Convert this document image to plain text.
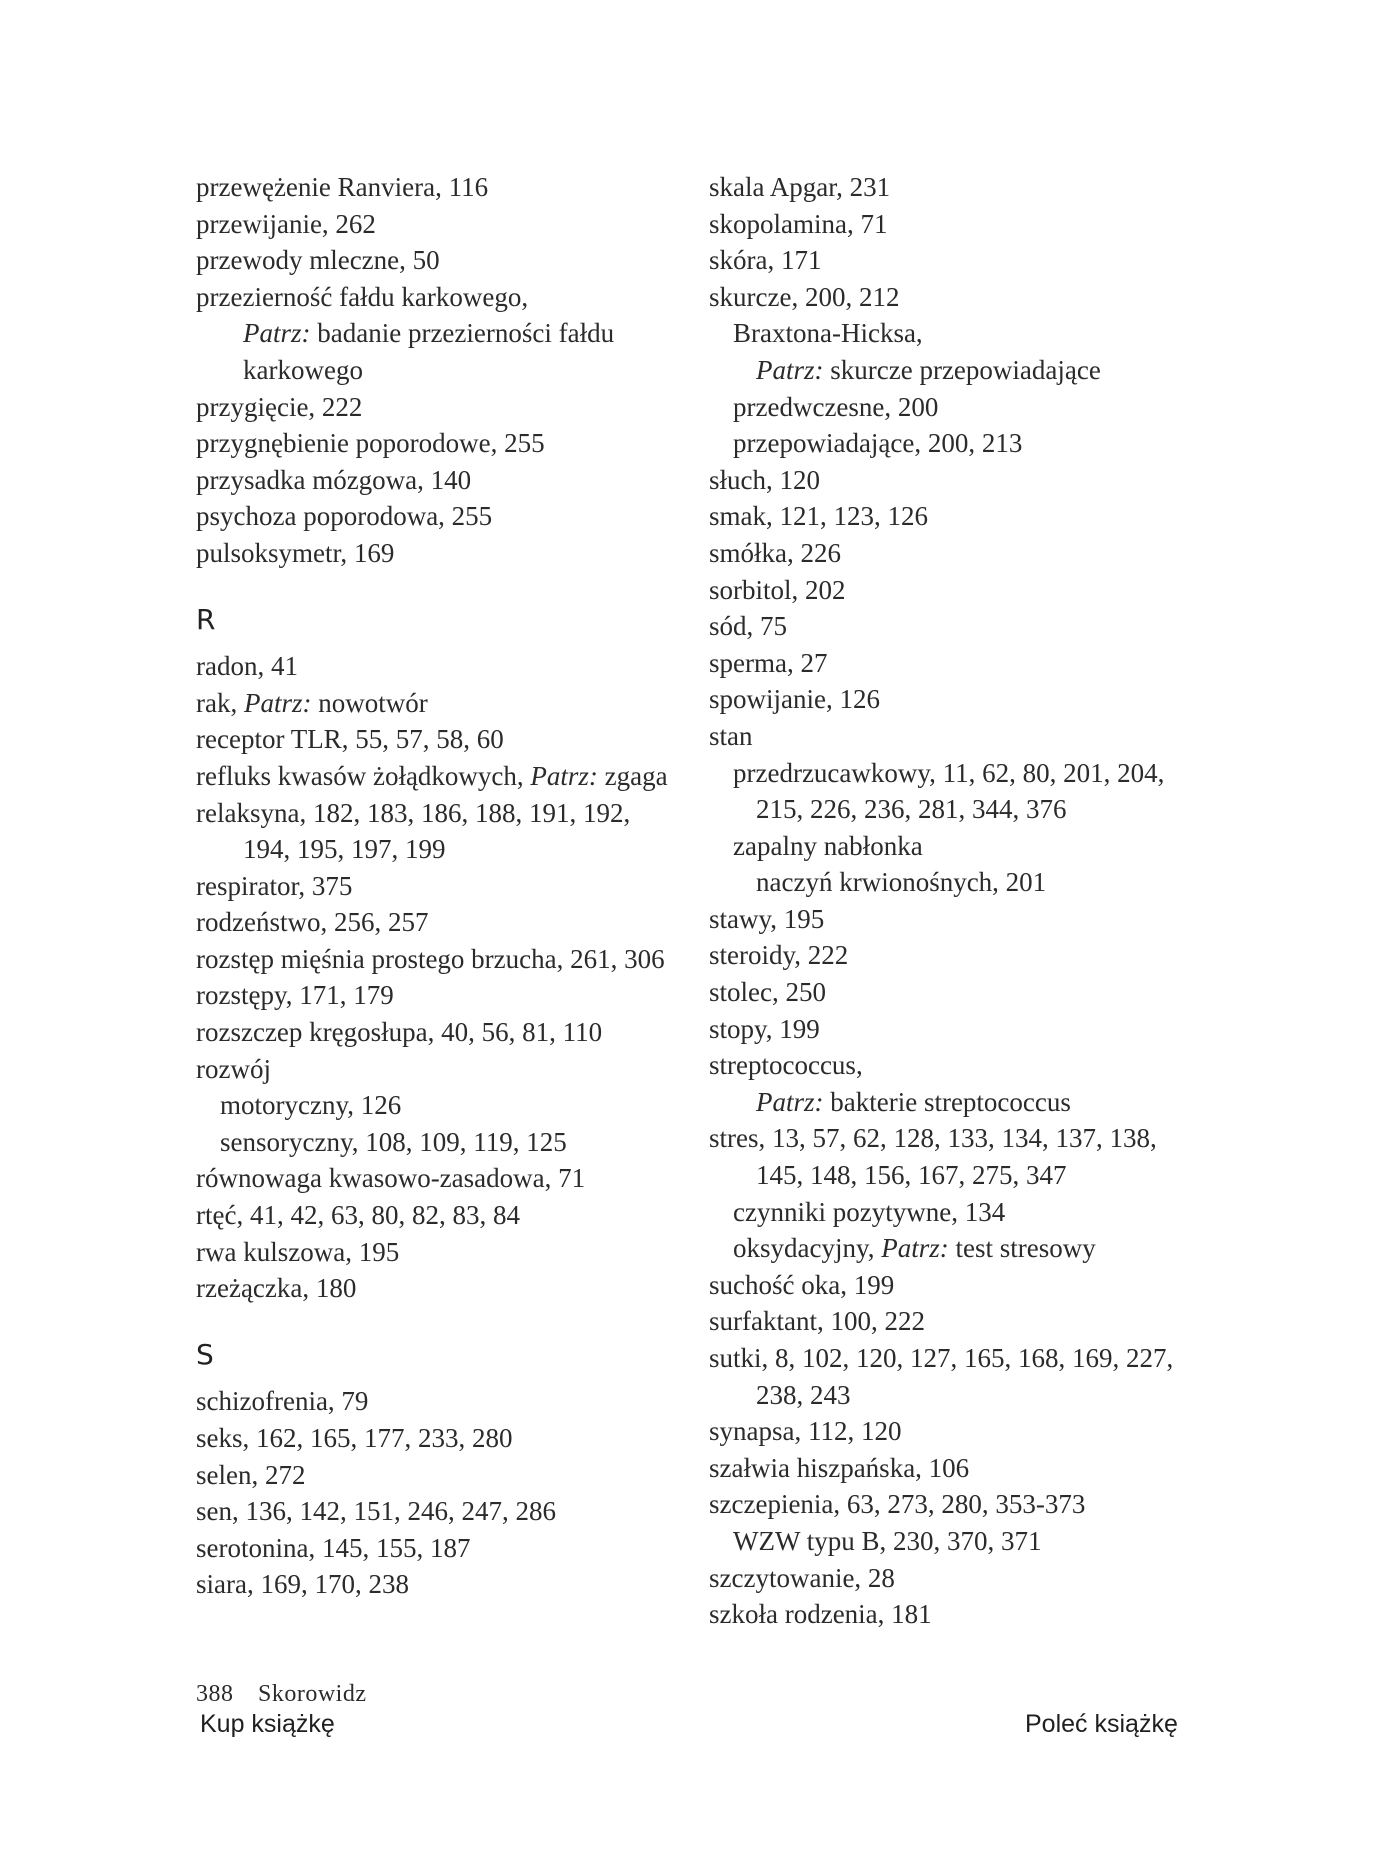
przewężenie Ranviera, 116
przewijanie, 262
przewody mleczne, 50
przezierność fałdu karkowego,
Patrz: badanie przezierności fałdu
karkowego
przygięcie, 222
przygnębienie poporodowe, 255
przysadka mózgowa, 140
psychoza poporodowa, 255
pulsoksymetr, 169
R
radon, 41
rak, Patrz: nowotwór
receptor TLR, 55, 57, 58, 60
refluks kwasów żołądkowych, Patrz: zgaga
relaksyna, 182, 183, 186, 188, 191, 192,
194, 195, 197, 199
respirator, 375
rodzeństwo, 256, 257
rozstęp mięśnia prostego brzucha, 261, 306
rozstępy, 171, 179
rozszczep kręgosłupa, 40, 56, 81, 110
rozwój
motoryczny, 126
sensoryczny, 108, 109, 119, 125
równowaga kwasowo-zasadowa, 71
rtęć, 41, 42, 63, 80, 82, 83, 84
rwa kulszowa, 195
rzeżączka, 180
S
schizofrenia, 79
seks, 162, 165, 177, 233, 280
selen, 272
sen, 136, 142, 151, 246, 247, 286
serotonina, 145, 155, 187
siara, 169, 170, 238
skala Apgar, 231
skopolamina, 71
skóra, 171
skurcze, 200, 212
Braxtona-Hicksa,
Patrz: skurcze przepowiadające
przedwczesne, 200
przepowiadające, 200, 213
słuch, 120
smak, 121, 123, 126
smółka, 226
sorbitol, 202
sód, 75
sperma, 27
spowijanie, 126
stan
przedrzucawkowy, 11, 62, 80, 201, 204,
215, 226, 236, 281, 344, 376
zapalny nabłonka
naczyń krwionośnych, 201
stawy, 195
steroidy, 222
stolec, 250
stopy, 199
streptococcus,
Patrz: bakterie streptococcus
stres, 13, 57, 62, 128, 133, 134, 137, 138,
145, 148, 156, 167, 275, 347
czynniki pozytywne, 134
oksydacyjny, Patrz: test stresowy
suchość oka, 199
surfaktant, 100, 222
sutki, 8, 102, 120, 127, 165, 168, 169, 227,
238, 243
synapsa, 112, 120
szałwia hiszpańska, 106
szczepienia, 63, 273, 280, 353-373
WZW typu B, 230, 370, 371
szczytowanie, 28
szkoła rodzenia, 181
388 Skorowidz
Kup książkę	Poleć książkę
